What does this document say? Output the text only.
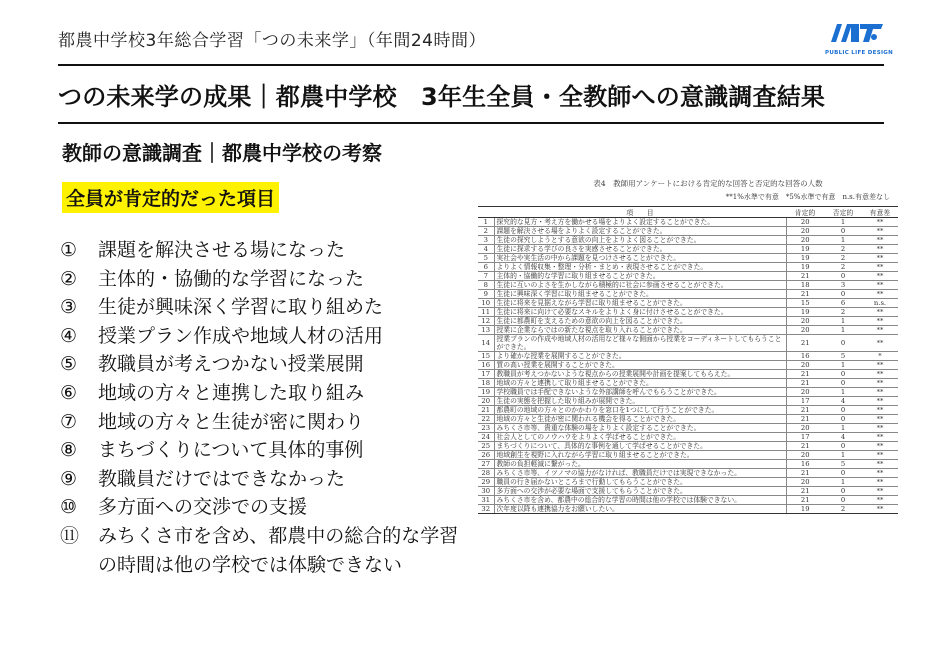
都農中学校3年総合学習「つの未来学」（年間24時間）
PUBLIC LIFE DESIGN
つの未来学の成果｜都農中学校　3年生全員・全教師への意識調査結果
教師の意識調査｜都農中学校の考察
全員が肯定的だった項目
①	課題を解決させる場になった
②	主体的・協働的な学習になった
③	生徒が興味深く学習に取り組めた
④	授業プラン作成や地域人材の活用
⑤	教職員が考えつかない授業展開
⑥	地域の方々と連携した取り組み
⑦	地域の方々と生徒が密に関わり
⑧	まちづくりについて具体的事例
⑨	教職員だけではできなかった
⑩	多方面への交渉での支援
⑪ みちくさ市を含め、都農中の総合的な学習の時間は他の学校では体験できない
表4　教師用アンケートにおける肯定的な回答と否定的な回答の人数
**1%水準で有意　*5%水準で有意　n.s.有意差なし
	項　　目	肯定的	否定的	有意差
1	探究的な見方・考え方を働かせる場をよりよく設定することができた。	20	1	**
2	課題を解決させる場をよりよく設定することができた。	20	0	**
3	生徒の探究しようとする意欲の向上をよりよく図ることができた。	20	1	**
4	生徒に探求する学びの良さを実感させることができた。	19	2	**
5	実社会や実生活の中から課題を見つけさせることができた。	19	2	**
6	よりよく情報収集・整理・分析・まとめ・表現させることができた。	19	2	**
7	主体的・協働的な学習に取り組ませることができた。	21	0	**
8	生徒に互いのよさを生かしながら積極的に社会に参画させることができた。	18	3	**
9	生徒に興味深く学習に取り組ませることができた。	21	0	**
10	生徒に将来を見据えながら学習に取り組ませることができた。	15	6	n.s.
11	生徒に将来に向けて必要なスキルをよりよく身に付けさせることができた。	19	2	**
12	生徒に都農町を支えるための意欲の向上を図ることができた。	20	1	**
13	授業に企業ならではの新たな視点を取り入れることができた。	20	1	**
14	授業プランの作成や地域人材の活用など様々な側面から授業をコーディネートしてもらうことができた。	21	0	**
15	より確かな授業を展開することができた。	16	5	*
16	質の高い授業を展開することができた。	20	1	**
17	教職員が考えつかないような視点からの授業展開や計画を提案してもらえた。	21	0	**
18	地域の方々と連携して取り組ませることができた。	21	0	**
19	学校職員では手配できないような外部講師を呼んでもらうことができた。	20	1	**
20	生徒の実態を把握した取り組みが展開できた。	17	4	**
21	都農町の地域の方々とのかかわりを窓口を1つにして行うことができた。	21	0	**
22	地域の方々と生徒が密に関われる機会を得ることができた。	21	0	**
23	みちくさ市等、貴重な体験の場をよりよく設定することができた。	20	1	**
24	社会人としてのノウハウをよりよく学ばせることができた。	17	4	**
25	まちづくりについて、具体的な事例を通して学ばせることができた。	21	0	**
26	地域創生を視野に入れながら学習に取り組ませることができた。	20	1	**
27	教師の負担軽減に繋がった。	16	5	**
28	みちくさ市等、イツノマの協力がなければ、教職員だけでは実現できなかった。	21	0	**
29	職員の行き届かないところまで行動してもらうことができた。	20	1	**
30	多方面への交渉が必要な場面で支援してもらうことができた。	21	0	**
31	みちくさ市を含め、都農中の総合的な学習の時間は他の学校では体験できない。	21	0	**
32	次年度以降も連携協力をお願いしたい。	19	2	**
